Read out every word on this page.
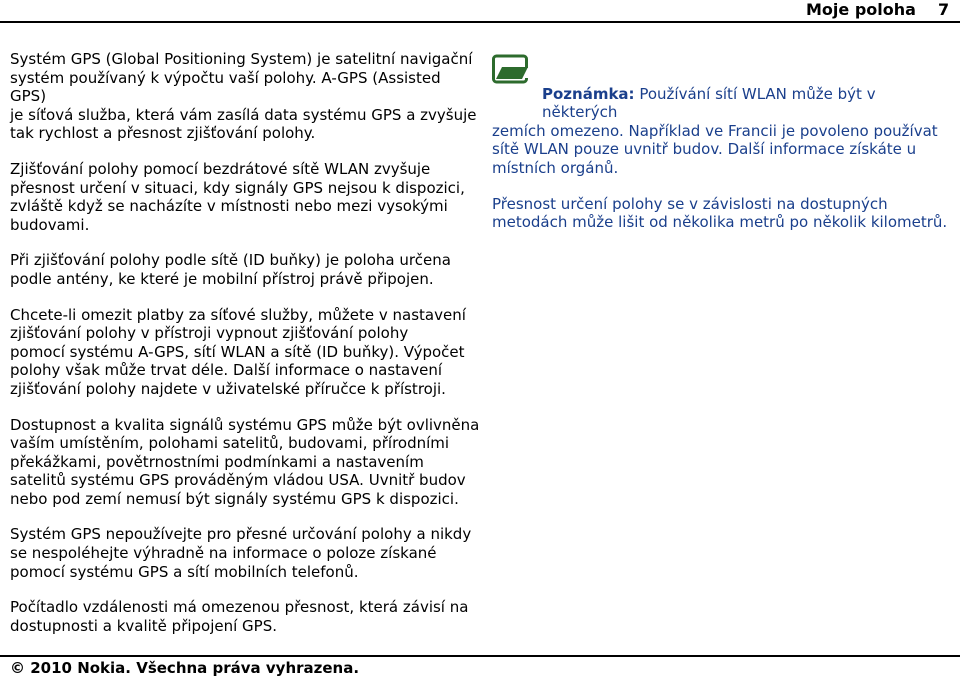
Moje poloha 7

Systém GPS (Global Positioning System) je satelitní navigační
systém používaný k výpočtu vaší polohy. A-GPS (Assisted GPS)
je síťová služba, která vám zasílá data systému GPS a zvyšuje
tak rychlost a přesnost zjišťování polohy.

Zjišťování polohy pomocí bezdrátové sítě WLAN zvyšuje
přesnost určení v situaci, kdy signály GPS nejsou k dispozici,
zvláště když se nacházíte v místnosti nebo mezi vysokými
budovami.

Při zjišťování polohy podle sítě (ID buňky) je poloha určena
podle antény, ke které je mobilní přístroj právě připojen.

Chcete-li omezit platby za síťové služby, můžete v nastavení
zjišťování polohy v přístroji vypnout zjišťování polohy
pomocí systému A-GPS, sítí WLAN a sítě (ID buňky). Výpočet
polohy však může trvat déle. Další informace o nastavení
zjišťování polohy najdete v uživatelské příručce k přístroji.

Dostupnost a kvalita signálů systému GPS může být ovlivněna
vaším umístěním, polohami satelitů, budovami, přírodními
překážkami, povětrnostními podmínkami a nastavením
satelitů systému GPS prováděným vládou USA. Uvnitř budov
nebo pod zemí nemusí být signály systému GPS k dispozici.

Systém GPS nepoužívejte pro přesné určování polohy a nikdy
se nespoléhejte výhradně na informace o poloze získané
pomocí systému GPS a sítí mobilních telefonů.

Počítadlo vzdálenosti má omezenou přesnost, která závisí na
dostupnosti a kvalitě připojení GPS.

Poznámka: Používání sítí WLAN může být v některých
zemích omezeno. Například ve Francii je povoleno používat
sítě WLAN pouze uvnitř budov. Další informace získáte u
místních orgánů.

Přesnost určení polohy se v závislosti na dostupných
metodách může lišit od několika metrů po několik kilometrů.

© 2010 Nokia. Všechna práva vyhrazena.
